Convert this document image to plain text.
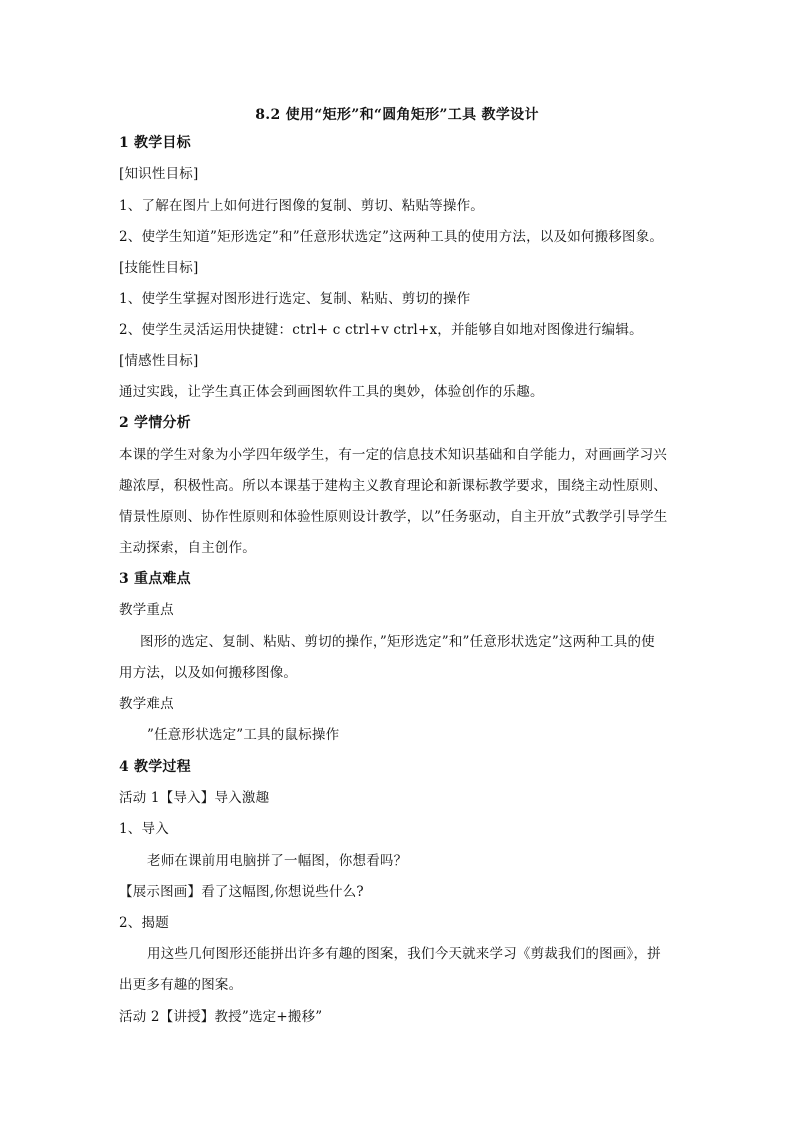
8.2 使用“矩形”和“圆角矩形”工具 教学设计
1 教学目标
[知识性目标]
1、了解在图片上如何进行图像的复制、剪切、粘贴等操作。
2、使学生知道”矩形选定”和”任意形状选定”这两种工具的使用方法，以及如何搬移图象。
[技能性目标]
1、使学生掌握对图形进行选定、复制、粘贴、剪切的操作
2、使学生灵活运用快捷键：ctrl+ c ctrl+v ctrl+x，并能够自如地对图像进行编辑。
[情感性目标]
通过实践，让学生真正体会到画图软件工具的奥妙，体验创作的乐趣。
2 学情分析
本课的学生对象为小学四年级学生，有一定的信息技术知识基础和自学能力，对画画学习兴
趣浓厚，积极性高。所以本课基于建构主义教育理论和新课标教学要求，围绕主动性原则、
情景性原则、协作性原则和体验性原则设计教学，以”任务驱动，自主开放”式教学引导学生
主动探索，自主创作。
3 重点难点
教学重点
图形的选定、复制、粘贴、剪切的操作，”矩形选定”和”任意形状选定”这两种工具的使
用方法，以及如何搬移图像。
教学难点
”任意形状选定”工具的鼠标操作
4 教学过程
活动 1【导入】导入激趣
1、导入
老师在课前用电脑拼了一幅图，你想看吗？
【展示图画】看了这幅图,你想说些什么?
2、揭题
用这些几何图形还能拼出许多有趣的图案，我们今天就来学习《剪裁我们的图画》，拼
出更多有趣的图案。
活动 2【讲授】教授”选定+搬移”
